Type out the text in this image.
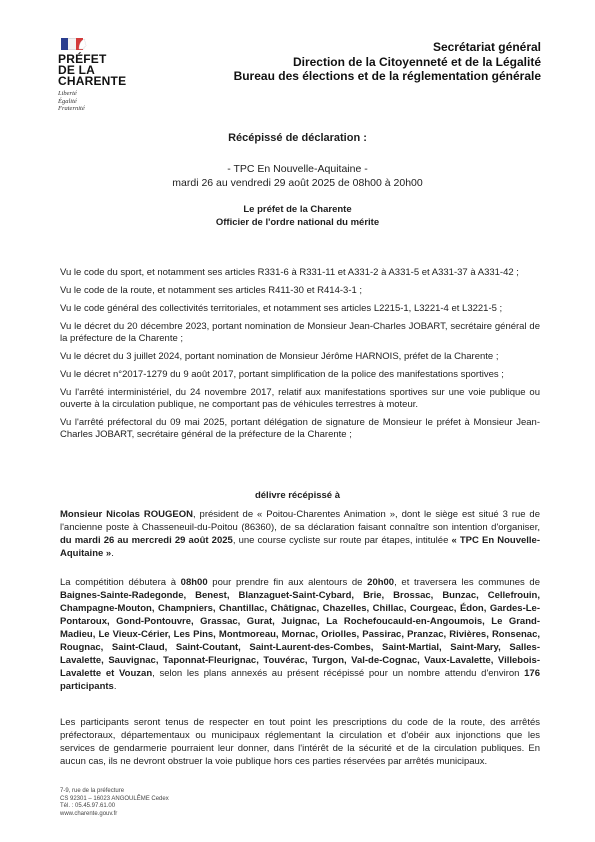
PRÉFET
DE LA
CHARENTE
Liberté
Égalité
Fraternité
Secrétariat général
Direction de la Citoyenneté et de la Légalité
Bureau des élections et de la réglementation générale
Récépissé de déclaration :
- TPC En Nouvelle-Aquitaine -
mardi 26 au vendredi 29 août 2025 de 08h00 à 20h00
Le préfet de la Charente
Officier de l'ordre national du mérite

Vu le code du sport, et notamment ses articles R331-6 à R331-11 et A331-2 à A331-5 et A331-37 à A331-42 ;

Vu le code de la route, et notamment ses articles R411-30 et R414-3-1 ;

Vu le code général des collectivités territoriales, et notamment ses articles L2215-1, L3221-4 et L3221-5 ;

Vu le décret du 20 décembre 2023, portant nomination de Monsieur Jean-Charles JOBART, secrétaire général de la préfecture de la Charente ;

Vu le décret du 3 juillet 2024, portant nomination de Monsieur Jérôme HARNOIS, préfet de la Charente ;

Vu le décret n°2017-1279 du 9 août 2017, portant simplification de la police des manifestations sportives ;

Vu l'arrêté interministériel, du 24 novembre 2017, relatif aux manifestations sportives sur une voie publique ou ouverte à la circulation publique, ne comportant pas de véhicules terrestres à moteur.

Vu l'arrêté préfectoral du 09 mai 2025, portant délégation de signature de Monsieur le préfet à Monsieur Jean-Charles JOBART, secrétaire général de la préfecture de la Charente ;

délivre récépissé à

Monsieur Nicolas ROUGEON, président de « Poitou-Charentes Animation », dont le siège est situé 3 rue de l'ancienne poste à Chasseneuil-du-Poitou (86360), de sa déclaration faisant connaître son intention d'organiser, du mardi 26 au mercredi 29 août 2025, une course cycliste sur route par étapes, intitulée « TPC En Nouvelle-Aquitaine ».

La compétition débutera à 08h00 pour prendre fin aux alentours de 20h00, et traversera les communes de Baignes-Sainte-Radegonde, Benest, Blanzaguet-Saint-Cybard, Brie, Brossac, Bunzac, Cellefrouin, Champagne-Mouton, Champniers, Chantillac, Châtignac, Chazelles, Chillac, Courgeac, Édon, Gardes-Le-Pontaroux, Gond-Pontouvre, Grassac, Gurat, Juignac, La Rochefoucauld-en-Angoumois, Le Grand-Madieu, Le Vieux-Cérier, Les Pins, Montmoreau, Mornac, Oriolles, Passirac, Pranzac, Rivières, Ronsenac, Rougnac, Saint-Claud, Saint-Coutant, Saint-Laurent-des-Combes, Saint-Martial, Saint-Mary, Salles-Lavalette, Sauvignac, Taponnat-Fleurignac, Touvérac, Turgon, Val-de-Cognac, Vaux-Lavalette, Villebois-Lavalette et Vouzan, selon les plans annexés au présent récépissé pour un nombre attendu d'environ 176 participants.

Les participants seront tenus de respecter en tout point les prescriptions du code de la route, des arrêtés préfectoraux, départementaux ou municipaux réglementant la circulation et d'obéir aux injonctions que les services de gendarmerie pourraient leur donner, dans l'intérêt de la sécurité et de la circulation publiques. En aucun cas, ils ne devront obstruer la voie publique hors ces parties réservées par arrêtés municipaux.

7-9, rue de la préfecture
CS 92301 – 16023 ANGOULÊME Cedex
Tél. : 05.45.97.61.00
www.charente.gouv.fr
